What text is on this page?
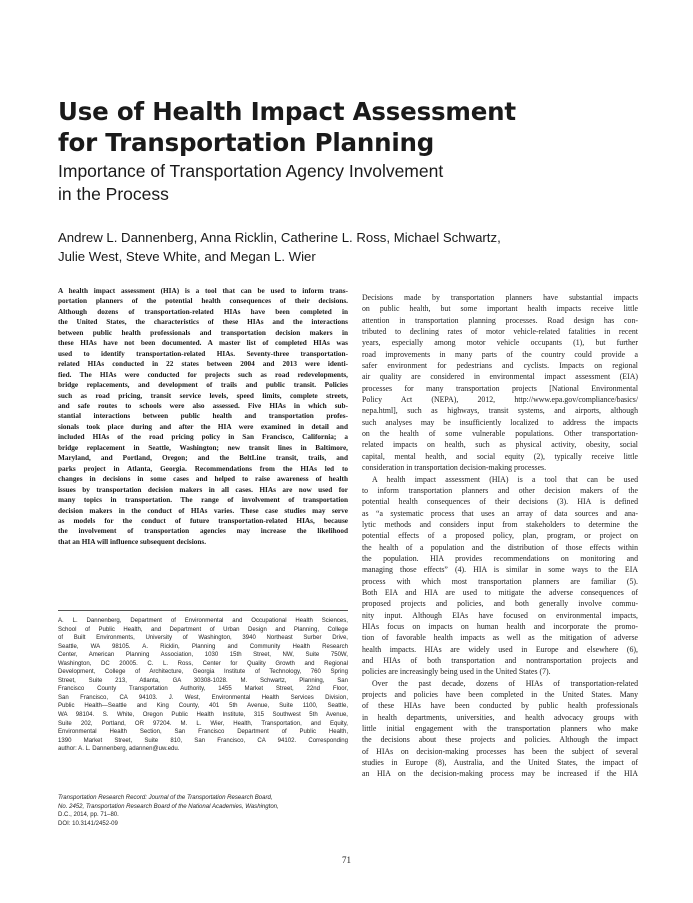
Use of Health Impact Assessment
for Transportation Planning
Importance of Transportation Agency Involvement
in the Process

Andrew L. Dannenberg, Anna Ricklin, Catherine L. Ross, Michael Schwartz,
Julie West, Steve White, and Megan L. Wier

A health impact assessment (HIA) is a tool that can be used to inform trans-
portation planners of the potential health consequences of their decisions.
Although dozens of transportation-related HIAs have been completed in
the United States, the characteristics of these HIAs and the interactions
between public health professionals and transportation decision makers in
these HIAs have not been documented. A master list of completed HIAs was
used to identify transportation-related HIAs. Seventy-three transportation-
related HIAs conducted in 22 states between 2004 and 2013 were identi-
fied. The HIAs were conducted for projects such as road redevelopments,
bridge replacements, and development of trails and public transit. Policies
such as road pricing, transit service levels, speed limits, complete streets,
and safe routes to schools were also assessed. Five HIAs in which sub-
stantial interactions between public health and transportation profes-
sionals took place during and after the HIA were examined in detail and
included HIAs of the road pricing policy in San Francisco, California; a
bridge replacement in Seattle, Washington; new transit lines in Baltimore,
Maryland, and Portland, Oregon; and the BeltLine transit, trails, and
parks project in Atlanta, Georgia. Recommendations from the HIAs led to
changes in decisions in some cases and helped to raise awareness of health
issues by transportation decision makers in all cases. HIAs are now used for
many topics in transportation. The range of involvement of transportation
decision makers in the conduct of HIAs varies. These case studies may serve
as models for the conduct of future transportation-related HIAs, because
the involvement of transportation agencies may increase the likelihood
that an HIA will influence subsequent decisions.
A. L. Dannenberg, Department of Environmental and Occupational Health Sciences,
School of Public Health, and Department of Urban Design and Planning, College
of Built Environments, University of Washington, 3940 Northeast Surber Drive,
Seattle, WA 98105. A. Ricklin, Planning and Community Health Research
Center, American Planning Association, 1030 15th Street, NW, Suite 750W,
Washington, DC 20005. C. L. Ross, Center for Quality Growth and Regional
Development, College of Architecture, Georgia Institute of Technology, 760 Spring
Street, Suite 213, Atlanta, GA 30308-1028. M. Schwartz, Planning, San
Francisco County Transportation Authority, 1455 Market Street, 22nd Floor,
San Francisco, CA 94103. J. West, Environmental Health Services Division,
Public Health—Seattle and King County, 401 5th Avenue, Suite 1100, Seattle,
WA 98104. S. White, Oregon Public Health Institute, 315 Southwest 5th Avenue,
Suite 202, Portland, OR 97204. M. L. Wier, Health, Transportation, and Equity,
Environmental Health Section, San Francisco Department of Public Health,
1390 Market Street, Suite 810, San Francisco, CA 94102. Corresponding
author: A. L. Dannenberg, adannen@uw.edu.
Transportation Research Record: Journal of the Transportation Research Board,
No. 2452, Transportation Research Board of the National Academies, Washington,
D.C., 2014, pp. 71–80.
DOI: 10.3141/2452-09
Decisions made by transportation planners have substantial impacts
on public health, but some important health impacts receive little
attention in transportation planning processes. Road design has con-
tributed to declining rates of motor vehicle-related fatalities in recent
years, especially among motor vehicle occupants (1), but further
road improvements in many parts of the country could provide a
safer environment for pedestrians and cyclists. Impacts on regional
air quality are considered in environmental impact assessment (EIA)
processes for many transportation projects [National Environmental
Policy Act (NEPA), 2012, http://www.epa.gov/compliance/basics/
nepa.html], such as highways, transit systems, and airports, although
such analyses may be insufficiently localized to address the impacts
on the health of some vulnerable populations. Other transportation-
related impacts on health, such as physical activity, obesity, social
capital, mental health, and social equity (2), typically receive little
consideration in transportation decision-making processes.
A health impact assessment (HIA) is a tool that can be used
to inform transportation planners and other decision makers of the
potential health consequences of their decisions (3). HIA is defined
as “a systematic process that uses an array of data sources and ana-
lytic methods and considers input from stakeholders to determine the
potential effects of a proposed policy, plan, program, or project on
the health of a population and the distribution of those effects within
the population. HIA provides recommendations on monitoring and
managing those effects” (4). HIA is similar in some ways to the EIA
process with which most transportation planners are familiar (5).
Both EIA and HIA are used to mitigate the adverse consequences of
proposed projects and policies, and both generally involve commu-
nity input. Although EIAs have focused on environmental impacts,
HIAs focus on impacts on human health and incorporate the promo-
tion of favorable health impacts as well as the mitigation of adverse
health impacts. HIAs are widely used in Europe and elsewhere (6),
and HIAs of both transportation and nontransportation projects and
policies are increasingly being used in the United States (7).
Over the past decade, dozens of HIAs of transportation-related
projects and policies have been completed in the United States. Many
of these HIAs have been conducted by public health professionals
in health departments, universities, and health advocacy groups with
little initial engagement with the transportation planners who make
the decisions about these projects and policies. Although the impact
of HIAs on decision-making processes has been the subject of several
studies in Europe (8), Australia, and the United States, the impact of
an HIA on the decision-making process may be increased if the HIA
71
